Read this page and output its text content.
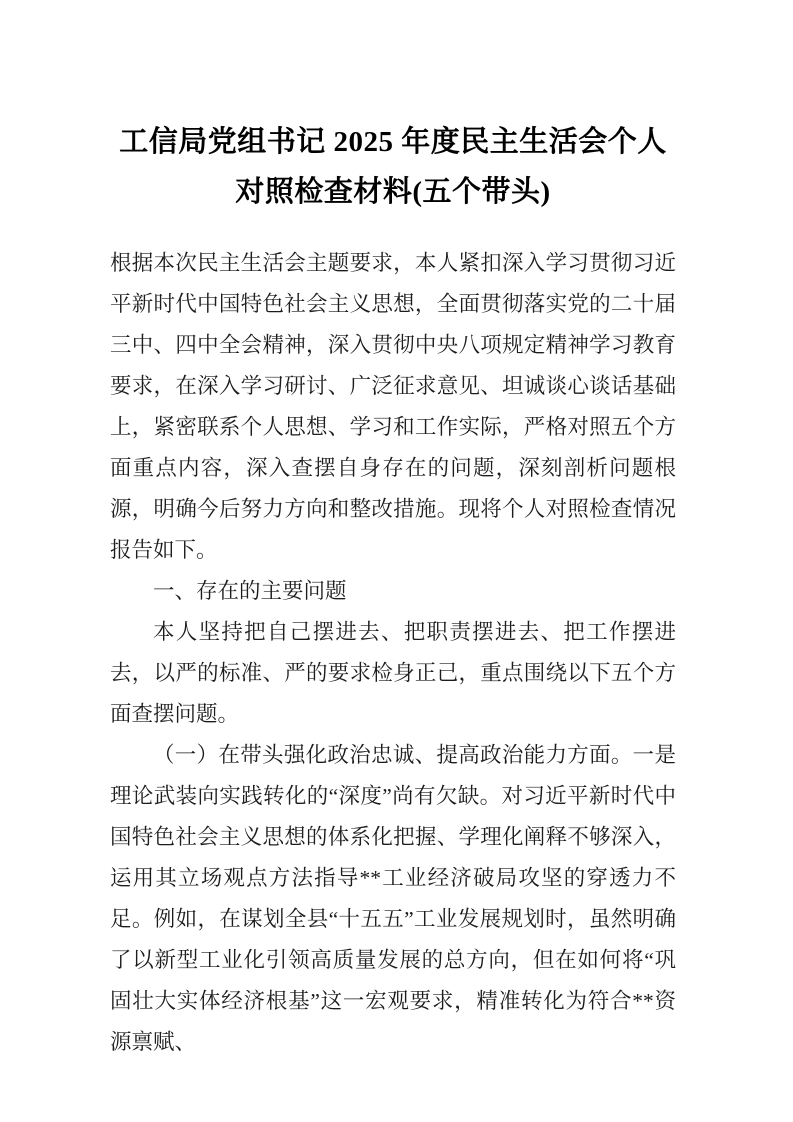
工信局党组书记 2025 年度民主生活会个人对照检查材料(五个带头)

根据本次民主生活会主题要求，本人紧扣深入学习贯彻习近平新时代中国特色社会主义思想，全面贯彻落实党的二十届三中、四中全会精神，深入贯彻中央八项规定精神学习教育要求，在深入学习研讨、广泛征求意见、坦诚谈心谈话基础上，紧密联系个人思想、学习和工作实际，严格对照五个方面重点内容，深入查摆自身存在的问题，深刻剖析问题根源，明确今后努力方向和整改措施。现将个人对照检查情况报告如下。

一、存在的主要问题

本人坚持把自己摆进去、把职责摆进去、把工作摆进去，以严的标准、严的要求检身正己，重点围绕以下五个方面查摆问题。

（一）在带头强化政治忠诚、提高政治能力方面。一是理论武装向实践转化的“深度”尚有欠缺。对习近平新时代中国特色社会主义思想的体系化把握、学理化阐释不够深入，运用其立场观点方法指导**工业经济破局攻坚的穿透力不足。例如，在谋划全县“十五五”工业发展规划时，虽然明确了以新型工业化引领高质量发展的总方向，但在如何将“巩固壮大实体经济根基”这一宏观要求，精准转化为符合**资源禀赋、
